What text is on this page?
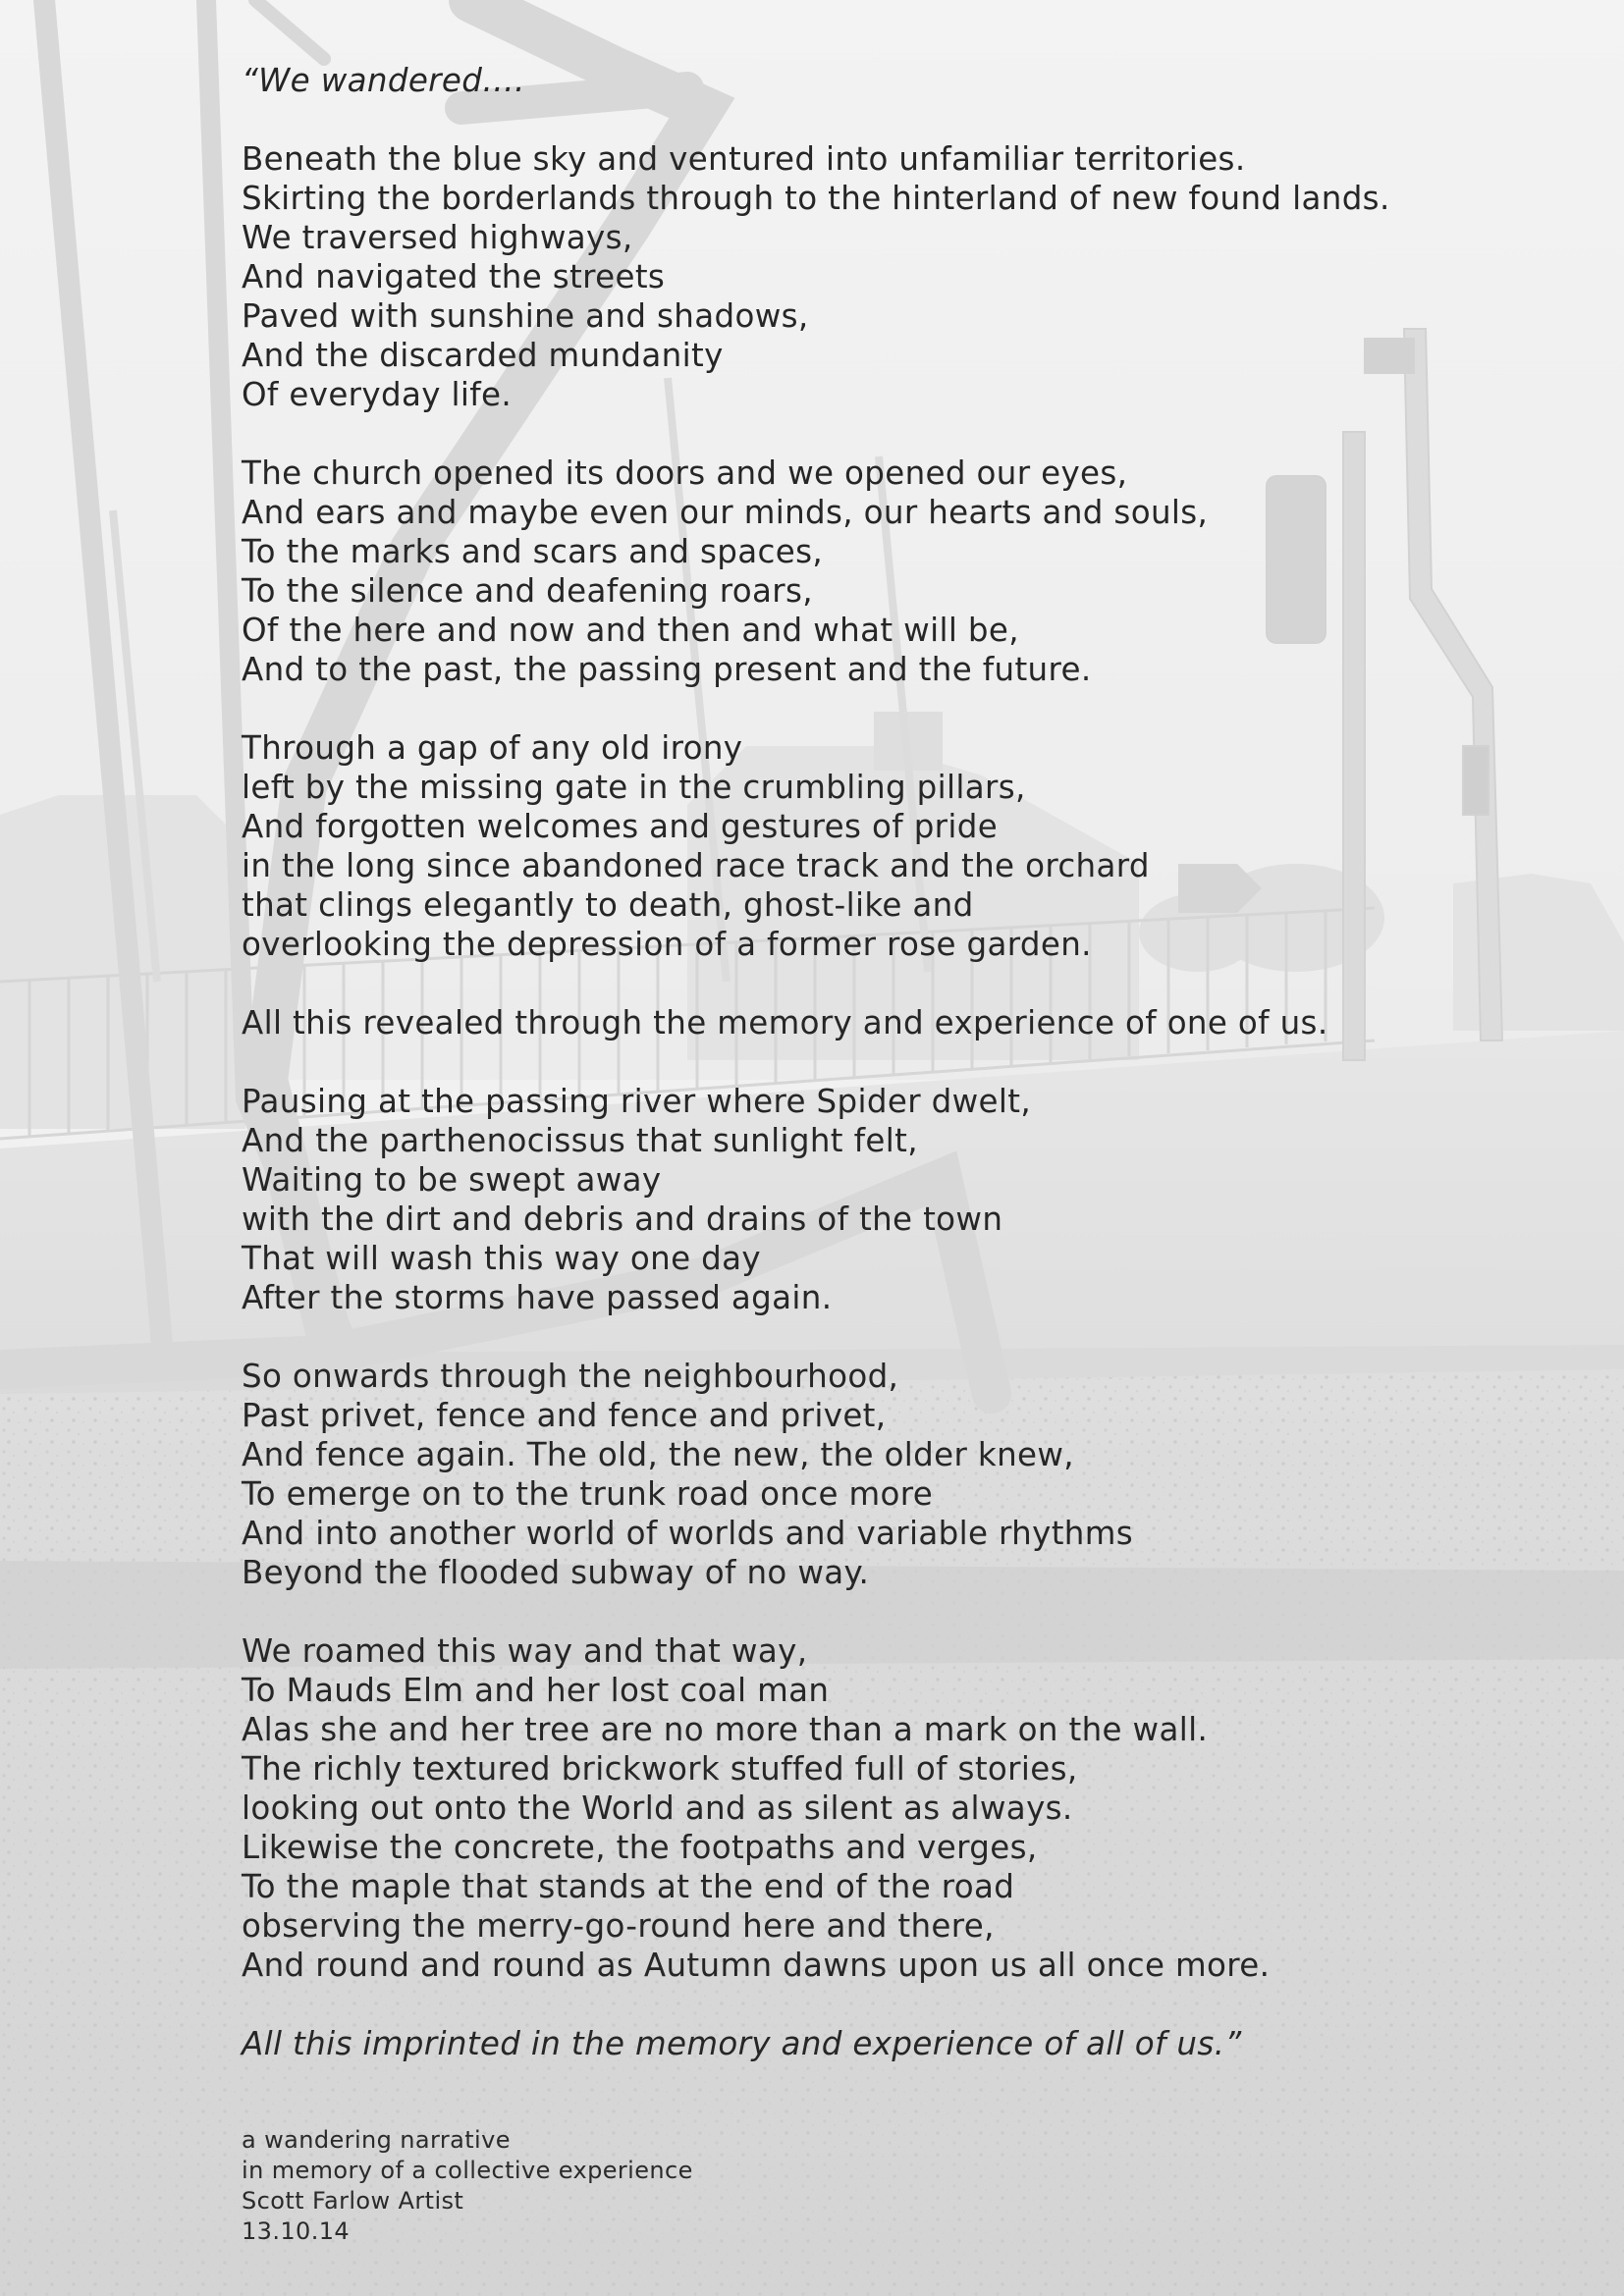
“We wandered….
Beneath the blue sky and ventured into unfamiliar territories.
Skirting the borderlands through to the hinterland of new found lands.
We traversed highways,
And navigated the streets
Paved with sunshine and shadows,
And the discarded mundanity
Of everyday life.
The church opened its doors and we opened our eyes,
And ears and maybe even our minds, our hearts and souls,
To the marks and scars and spaces,
To the silence and deafening roars,
Of the here and now and then and what will be,
And to the past, the passing present and the future.
Through a gap of any old irony
left by the missing gate in the crumbling pillars,
And forgotten welcomes and gestures of pride
in the long since abandoned race track and the orchard
that clings elegantly to death, ghost-like and
overlooking the depression of a former rose garden.
All this revealed through the memory and experience of one of us.
Pausing at the passing river where Spider dwelt,
And the parthenocissus that sunlight felt,
Waiting to be swept away
with the dirt and debris and drains of the town
That will wash this way one day
After the storms have passed again.
So onwards through the neighbourhood,
Past privet, fence and fence and privet,
And fence again. The old, the new, the older knew,
To emerge on to the trunk road once more
And into another world of worlds and variable rhythms
Beyond the flooded subway of no way.
We roamed this way and that way,
To Mauds Elm and her lost coal man
Alas she and her tree are no more than a mark on the wall.
The richly textured brickwork stuffed full of stories,
looking out onto the World and as silent as always.
Likewise the concrete, the footpaths and verges,
To the maple that stands at the end of the road
observing the merry-go-round here and there,
And round and round as Autumn dawns upon us all once more.
All this imprinted in the memory and experience of all of us.”
a wandering narrative
in memory of a collective experience
Scott Farlow Artist
13.10.14
